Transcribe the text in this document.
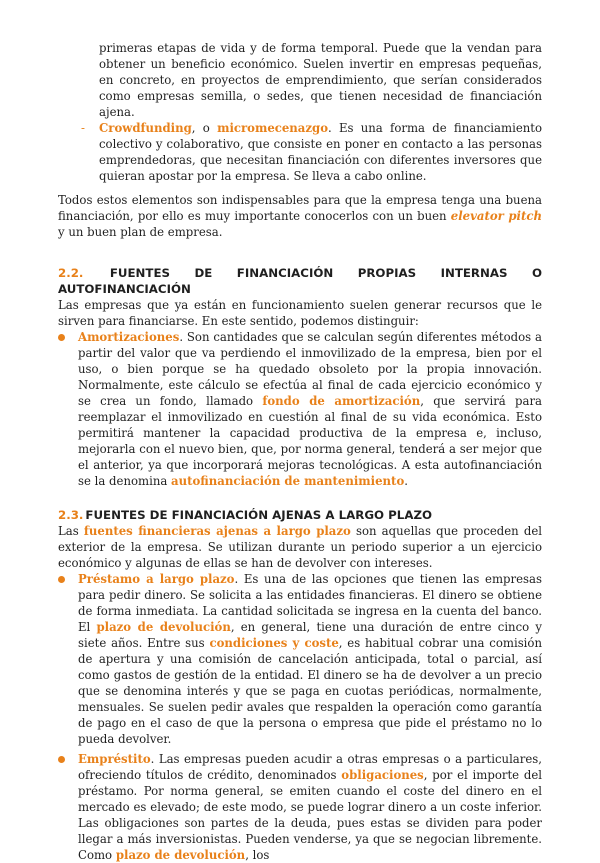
primeras etapas de vida y de forma temporal. Puede que la vendan para obtener un beneficio económico. Suelen invertir en empresas pequeñas, en concreto, en proyectos de emprendimiento, que serían considerados como empresas semilla, o sedes, que tienen necesidad de financiación ajena.

- Crowdfunding, o micromecenazgo. Es una forma de financiamiento colectivo y colaborativo, que consiste en poner en contacto a las personas emprendedoras, que necesitan financiación con diferentes inversores que quieran apostar por la empresa. Se lleva a cabo online.

Todos estos elementos son indispensables para que la empresa tenga una buena financiación, por ello es muy importante conocerlos con un buen elevator pitch y un buen plan de empresa.

2.2. FUENTES DE FINANCIACIÓN PROPIAS INTERNAS O
AUTOFINANCIACIÓN

Las empresas que ya están en funcionamiento suelen generar recursos que le sirven para financiarse. En este sentido, podemos distinguir:

Amortizaciones. Son cantidades que se calculan según diferentes métodos a partir del valor que va perdiendo el inmovilizado de la empresa, bien por el uso, o bien porque se ha quedado obsoleto por la propia innovación. Normalmente, este cálculo se efectúa al final de cada ejercicio económico y se crea un fondo, llamado fondo de amortización, que servirá para reemplazar el inmovilizado en cuestión al final de su vida económica. Esto permitirá mantener la capacidad productiva de la empresa e, incluso, mejorarla con el nuevo bien, que, por norma general, tenderá a ser mejor que el anterior, ya que incorporará mejoras tecnológicas. A esta autofinanciación se la denomina autofinanciación de mantenimiento.

2.3. FUENTES DE FINANCIACIÓN AJENAS A LARGO PLAZO

Las fuentes financieras ajenas a largo plazo son aquellas que proceden del exterior de la empresa. Se utilizan durante un periodo superior a un ejercicio económico y algunas de ellas se han de devolver con intereses.

Préstamo a largo plazo. Es una de las opciones que tienen las empresas para pedir dinero. Se solicita a las entidades financieras. El dinero se obtiene de forma inmediata. La cantidad solicitada se ingresa en la cuenta del banco. El plazo de devolución, en general, tiene una duración de entre cinco y siete años. Entre sus condiciones y coste, es habitual cobrar una comisión de apertura y una comisión de cancelación anticipada, total o parcial, así como gastos de gestión de la entidad. El dinero se ha de devolver a un precio que se denomina interés y que se paga en cuotas periódicas, normalmente, mensuales. Se suelen pedir avales que respalden la operación como garantía de pago en el caso de que la persona o empresa que pide el préstamo no lo pueda devolver.

Empréstito. Las empresas pueden acudir a otras empresas o a particulares, ofreciendo títulos de crédito, denominados obligaciones, por el importe del préstamo. Por norma general, se emiten cuando el coste del dinero en el mercado es elevado; de este modo, se puede lograr dinero a un coste inferior. Las obligaciones son partes de la deuda, pues estas se dividen para poder llegar a más inversionistas. Pueden venderse, ya que se negocian libremente. Como plazo de devolución, los
